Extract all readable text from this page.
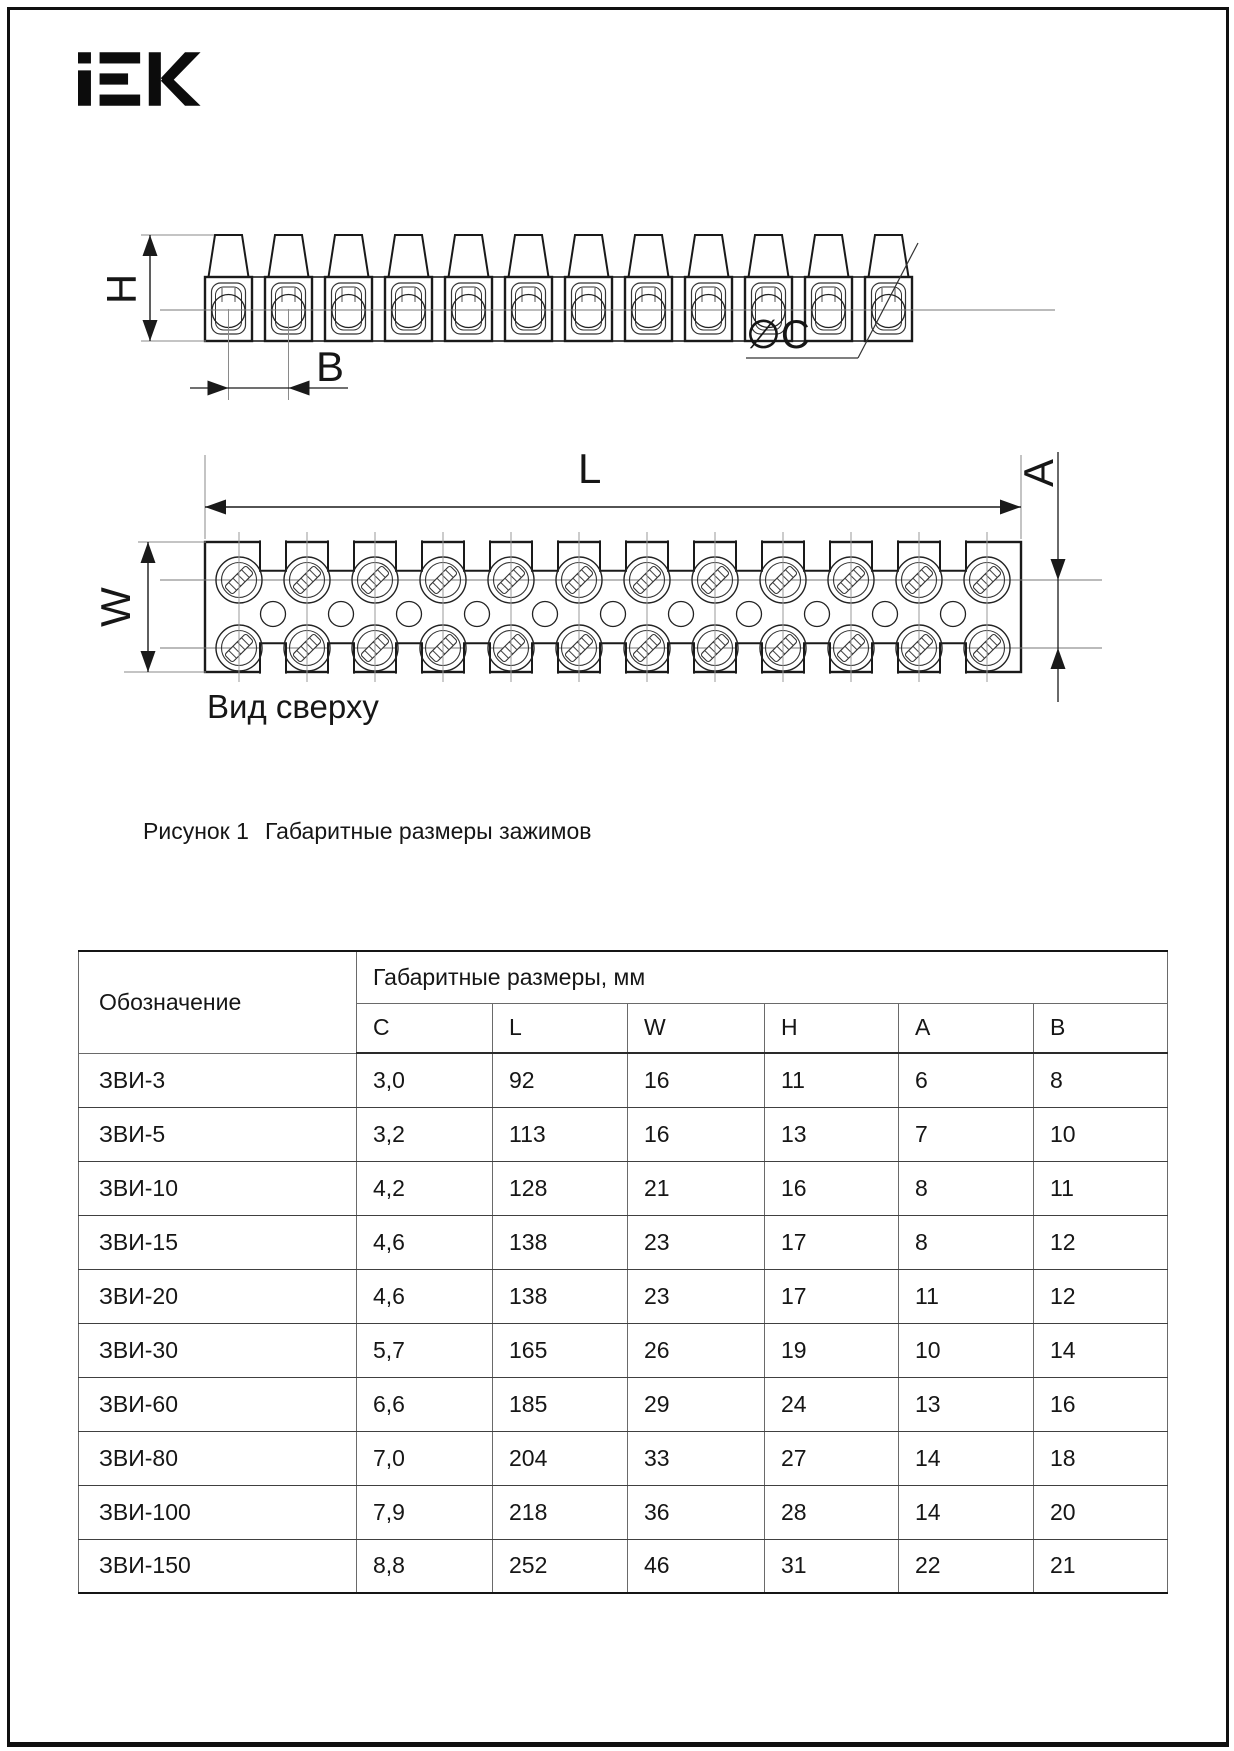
H
B
∅C
L	A
W
Вид сверху
Рисунок 1 Габаритные размеры зажимов
Обозначение	Габаритные размеры, мм					
	C	L	W	H	A	B
ЗВИ-3	3,0	92	16	11	6	8
ЗВИ-5	3,2	113	16	13	7	10
ЗВИ-10	4,2	128	21	16	8	11
ЗВИ-15	4,6	138	23	17	8	12
ЗВИ-20	4,6	138	23	17	11	12
ЗВИ-30	5,7	165	26	19	10	14
ЗВИ-60	6,6	185	29	24	13	16
ЗВИ-80	7,0	204	33	27	14	18
ЗВИ-100	7,9	218	36	28	14	20
ЗВИ-150	8,8	252	46	31	22	21
